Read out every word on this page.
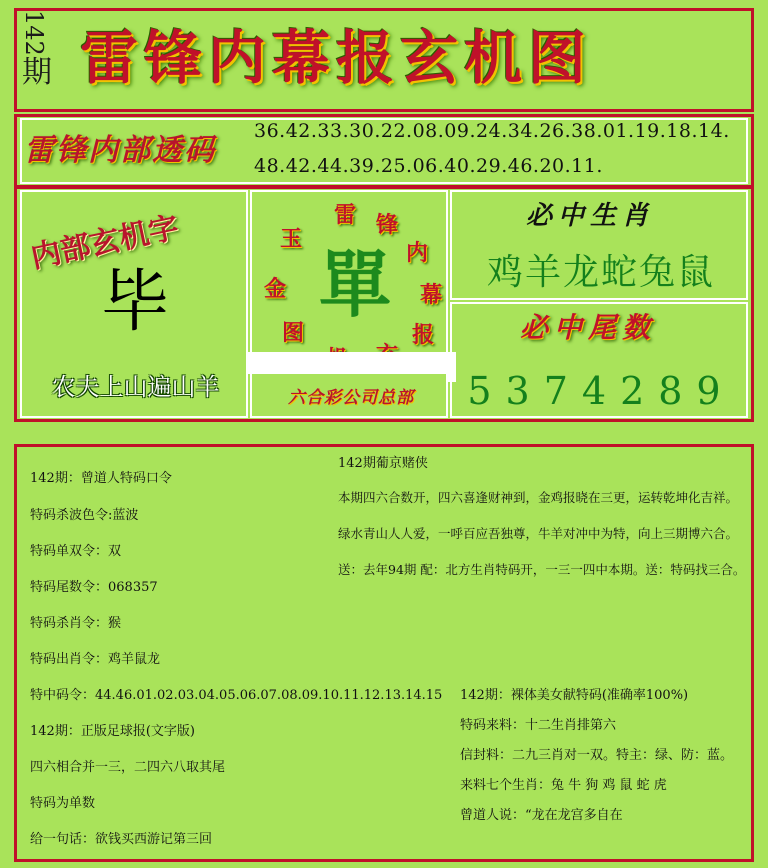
142
期 雷锋内幕报玄机图
雷锋内部透码
36.42.33.30.22.08.09.24.34.26.38.01.19.18.14.
48.42.44.39.25.06.40.29.46.20.11.
内部玄机字
毕
农夫上山遍山羊
雷 锋
内
幕
报
图
金
玉
單
六合彩公司总部
必中生肖
鸡羊龙蛇兔鼠
必中尾数
5374289
142期：曾道人特码口令
特码杀波色令:蓝波
特码单双令：双
特码尾数令：068357
特码杀肖令：猴
特码出肖令：鸡羊鼠龙
特中码令：44.46.01.02.03.04.05.06.07.08.09.10.11.12.13.14.15
142期：正版足球报(文字版)
四六相合并一三，二四六八取其尾
特码为单数
给一句话：欲钱买西游记第三回
142期葡京赌侠
本期四六合数开，四六喜逢财神到，金鸡报晓在三更，运转乾坤化吉祥。
绿水青山人人爱，一呼百应吾独尊，牛羊对冲中为特，向上三期博六合。
送：去年94期 配：北方生肖特码开，一三一四中本期。送：特码找三合。
142期：裸体美女献特码(准确率100%)
特码来料：十二生肖排第六
信封料：二九三肖对一双。特主：绿、防：蓝。
来料七个生肖：兔 牛 狗 鸡 鼠 蛇 虎
曾道人说：“龙在龙宫多自在
